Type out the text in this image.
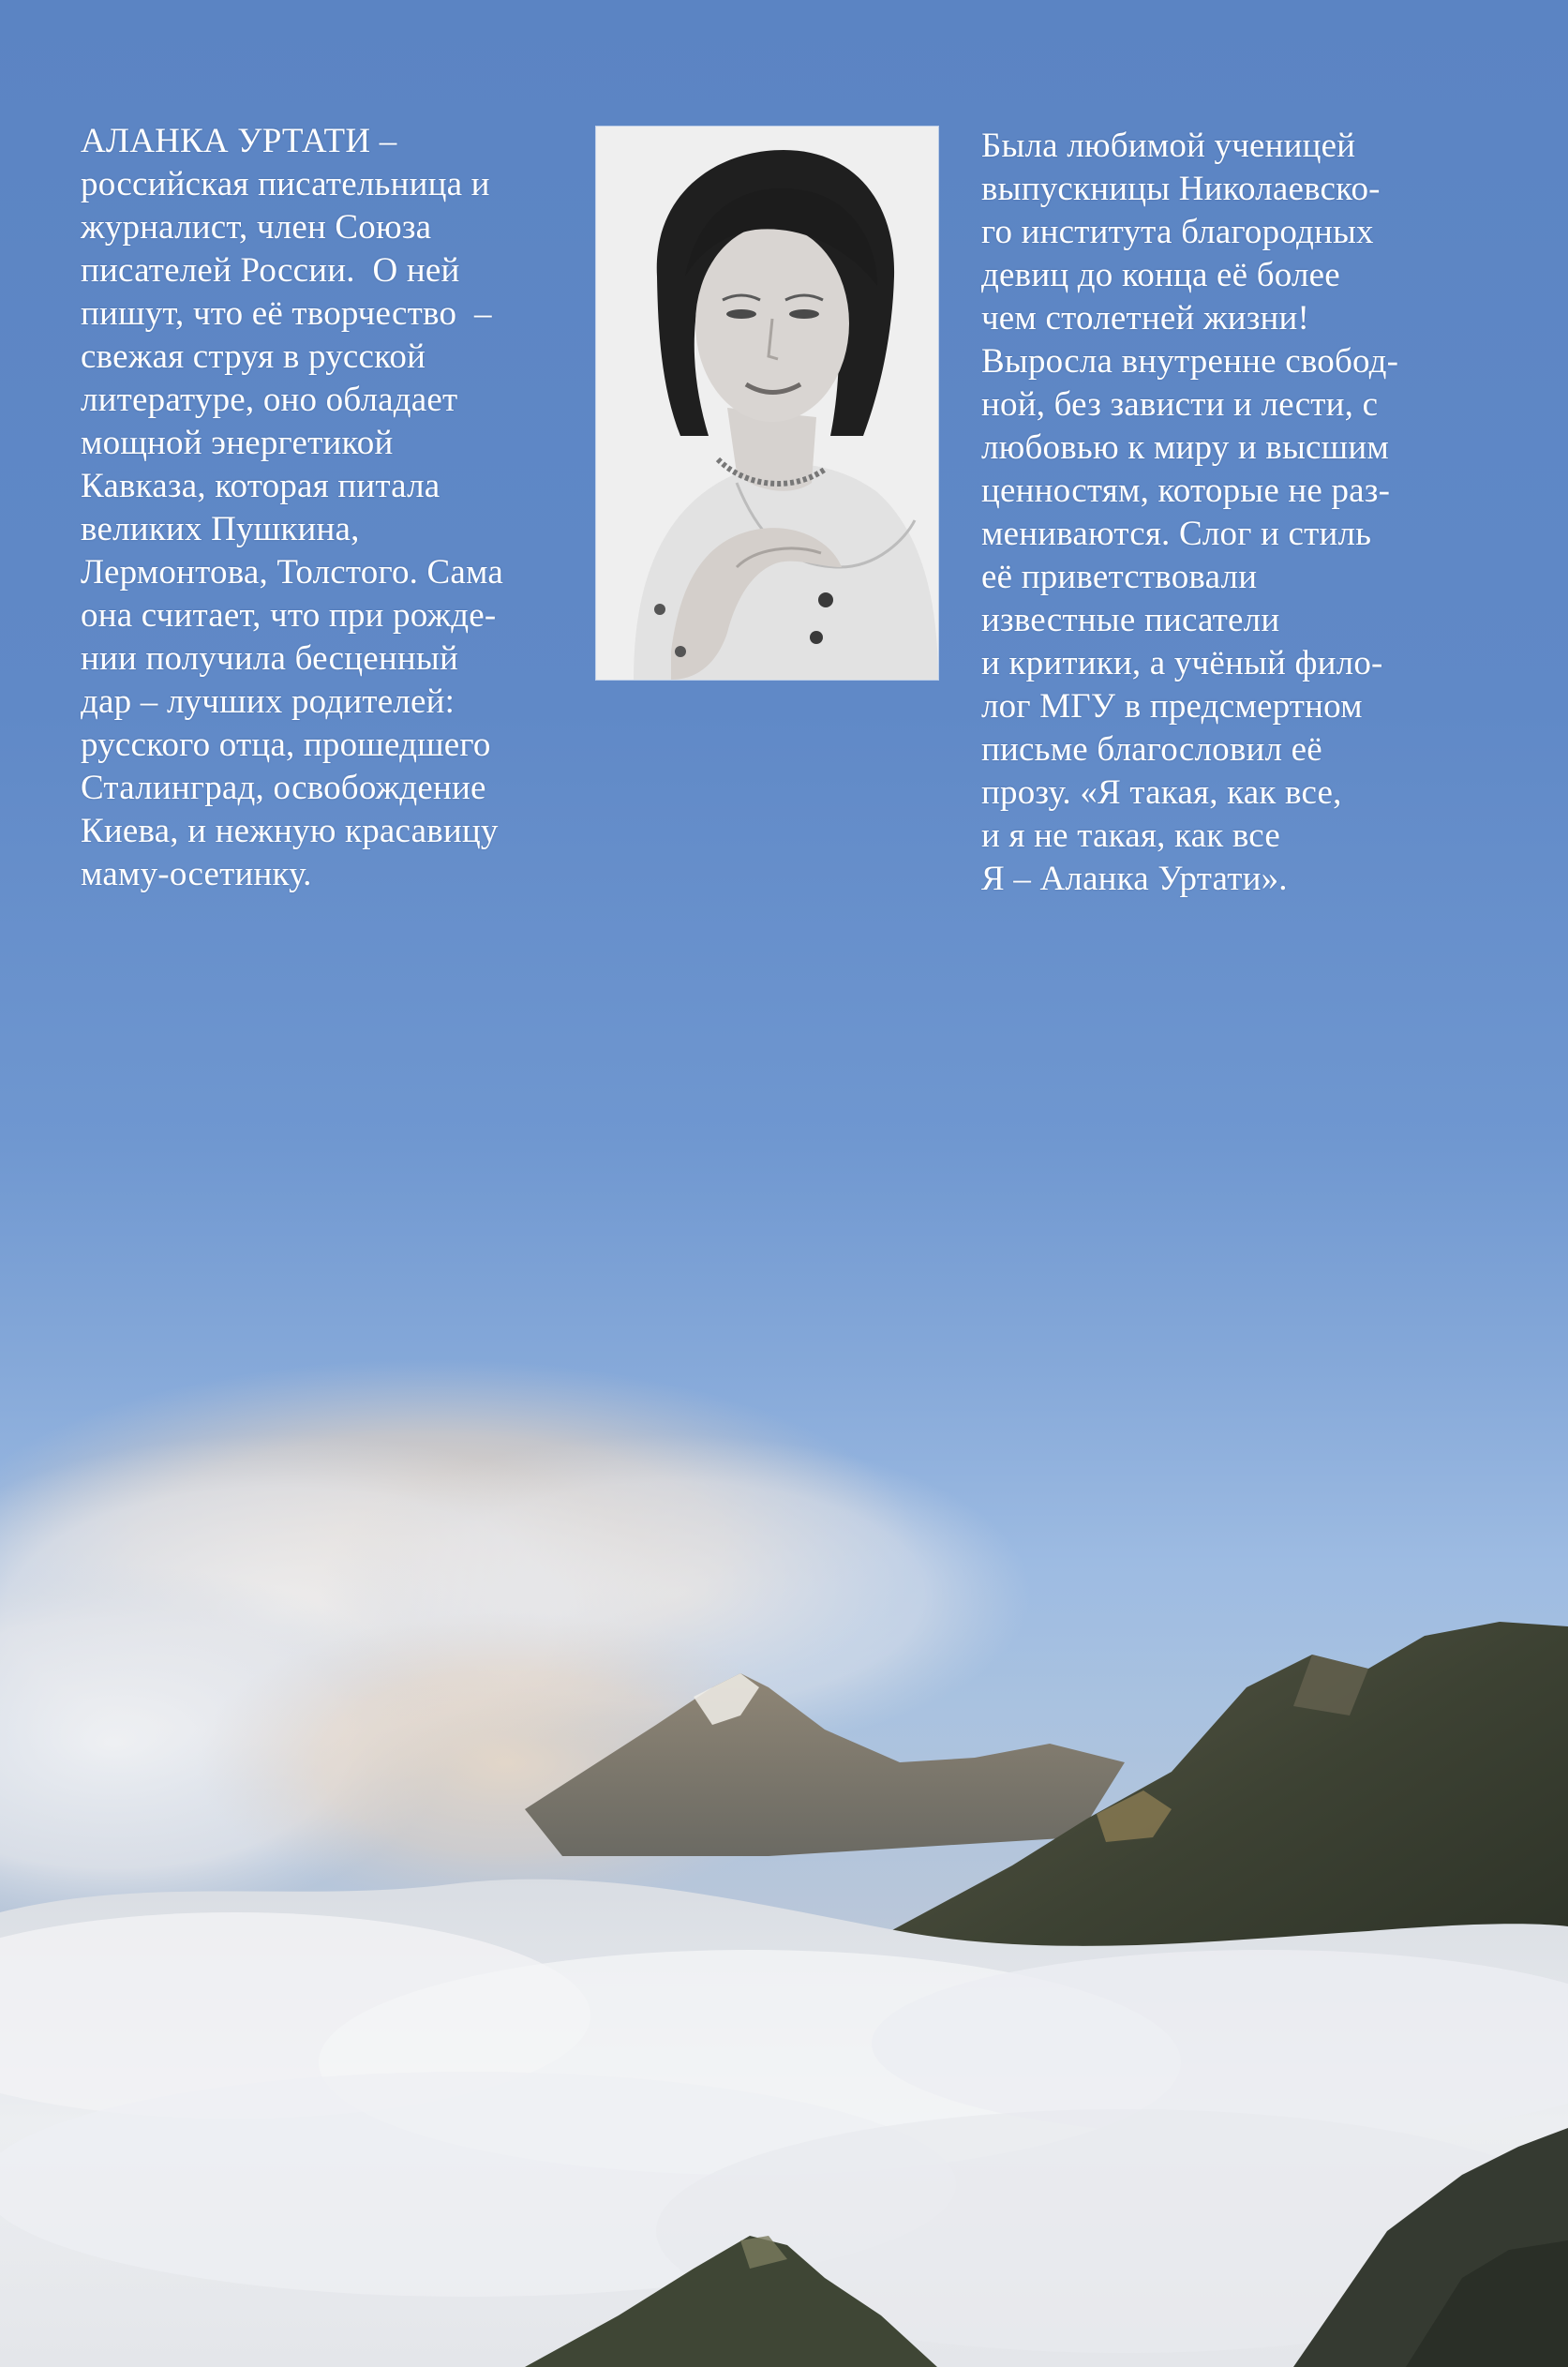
АЛАНКА УРТАТИ –
российская писательница и
журналист, член Союза
писателей России.  О ней
пишут, что её творчество  –
свежая струя в русской
литературе, оно обладает
мощной энергетикой
Кавказа, которая питала
великих Пушкина,
Лермонтова, Толстого. Сама
она считает, что при рожде-
нии получила бесценный
дар – лучших родителей:
русского отца, прошедшего
Сталинград, освобождение
Киева, и нежную красавицу
маму-осетинку.
Была любимой ученицей
выпускницы Николаевско-
го института благородных
девиц до конца её более
чем столетней жизни!
Выросла внутренне свобод-
ной, без зависти и лести, с
любовью к миру и высшим
ценностям, которые не раз-
мениваются. Слог и стиль
её приветствовали
известные писатели
и критики, а учёный фило-
лог МГУ в предсмертном
письме благословил её
прозу. «Я такая, как все,
и я не такая, как все
Я – Аланка Уртати».
